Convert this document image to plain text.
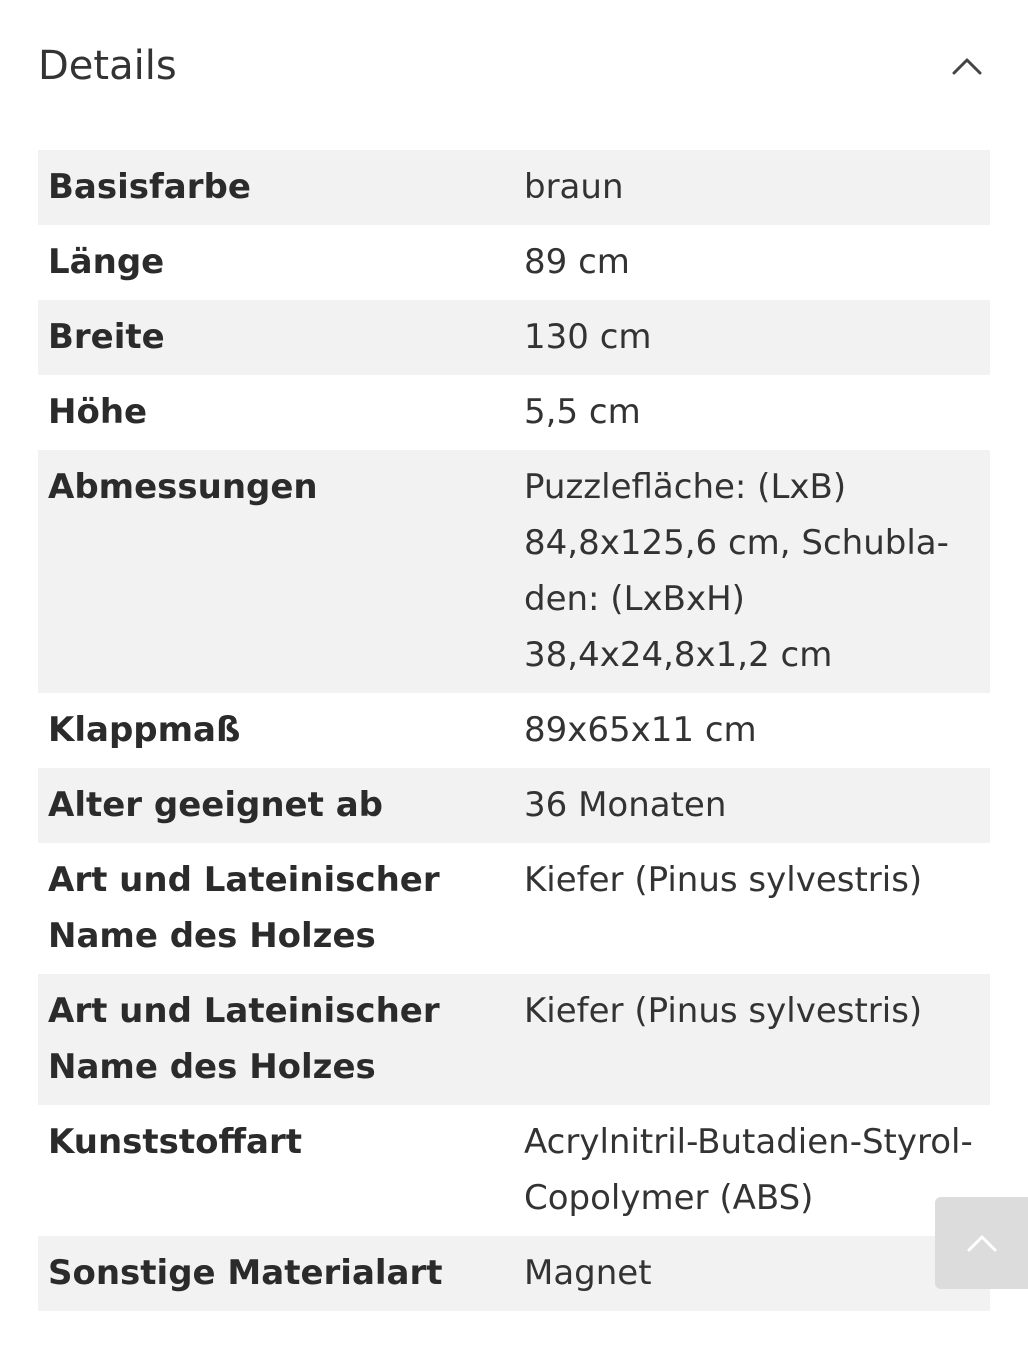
Details
Basisfarbe	braun

Länge	89 cm

Breite	130 cm

Höhe	5,5 cm

Abmessungen	Puzzlefläche: (LxB)
84,8x125,6 cm, Schubla-
den: (LxBxH)
38,4x24,8x1,2 cm

Klappmaß	89x65x11 cm

Alter geeignet ab	36 Monaten

Art und Lateinischer
Name des Holzes	Kiefer (Pinus sylvestris)

Art und Lateinischer
Name des Holzes	Kiefer (Pinus sylvestris)

Kunststoffart	Acrylnitril-Butadien-Styrol-
Copolymer (ABS)

Sonstige Materialart	Magnet
